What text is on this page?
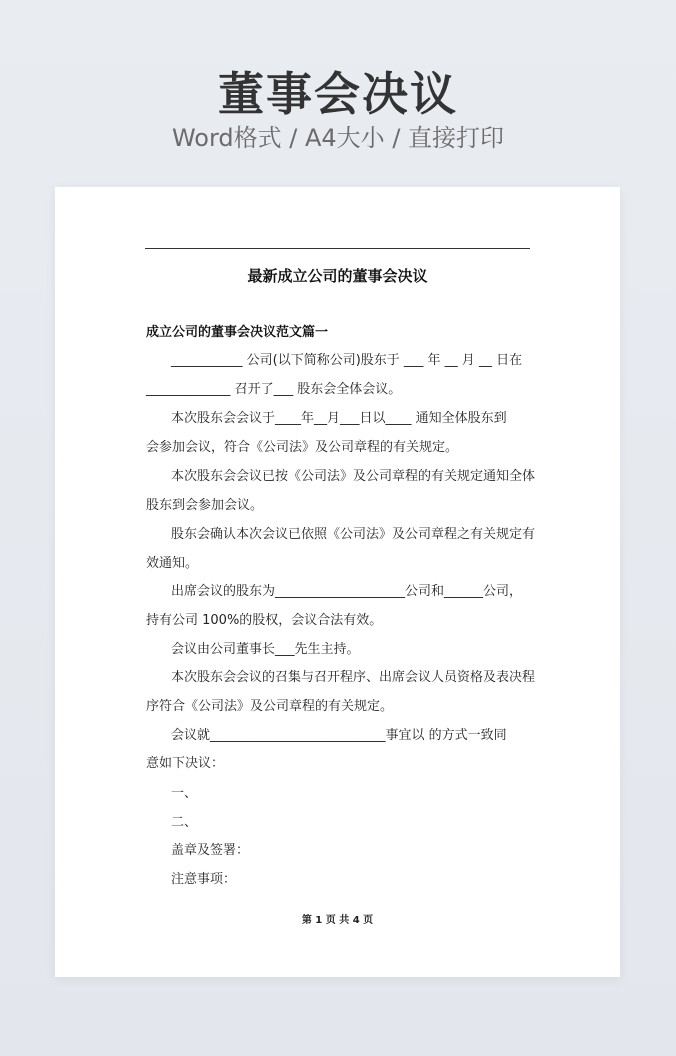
董事会决议
Word格式 / A4大小 / 直接打印
最新成立公司的董事会决议
成立公司的董事会决议范文篇一
___________ 公司(以下简称公司)股东于 ___ 年 __ 月 __ 日在
_____________ 召开了___ 股东会全体会议。
本次股东会会议于____年__月___日以____ 通知全体股东到
会参加会议，符合《公司法》及公司章程的有关规定。
本次股东会会议已按《公司法》及公司章程的有关规定通知全体
股东到会参加会议。
股东会确认本次会议已依照《公司法》及公司章程之有关规定有
效通知。
出席会议的股东为____________________公司和______公司，
持有公司 100%的股权，会议合法有效。
会议由公司董事长___先生主持。
本次股东会会议的召集与召开程序、出席会议人员资格及表决程
序符合《公司法》及公司章程的有关规定。
会议就___________________________事宜以 的方式一致同
意如下决议：
一、
二、
盖章及签署：
注意事项：
第 1 页 共 4 页
